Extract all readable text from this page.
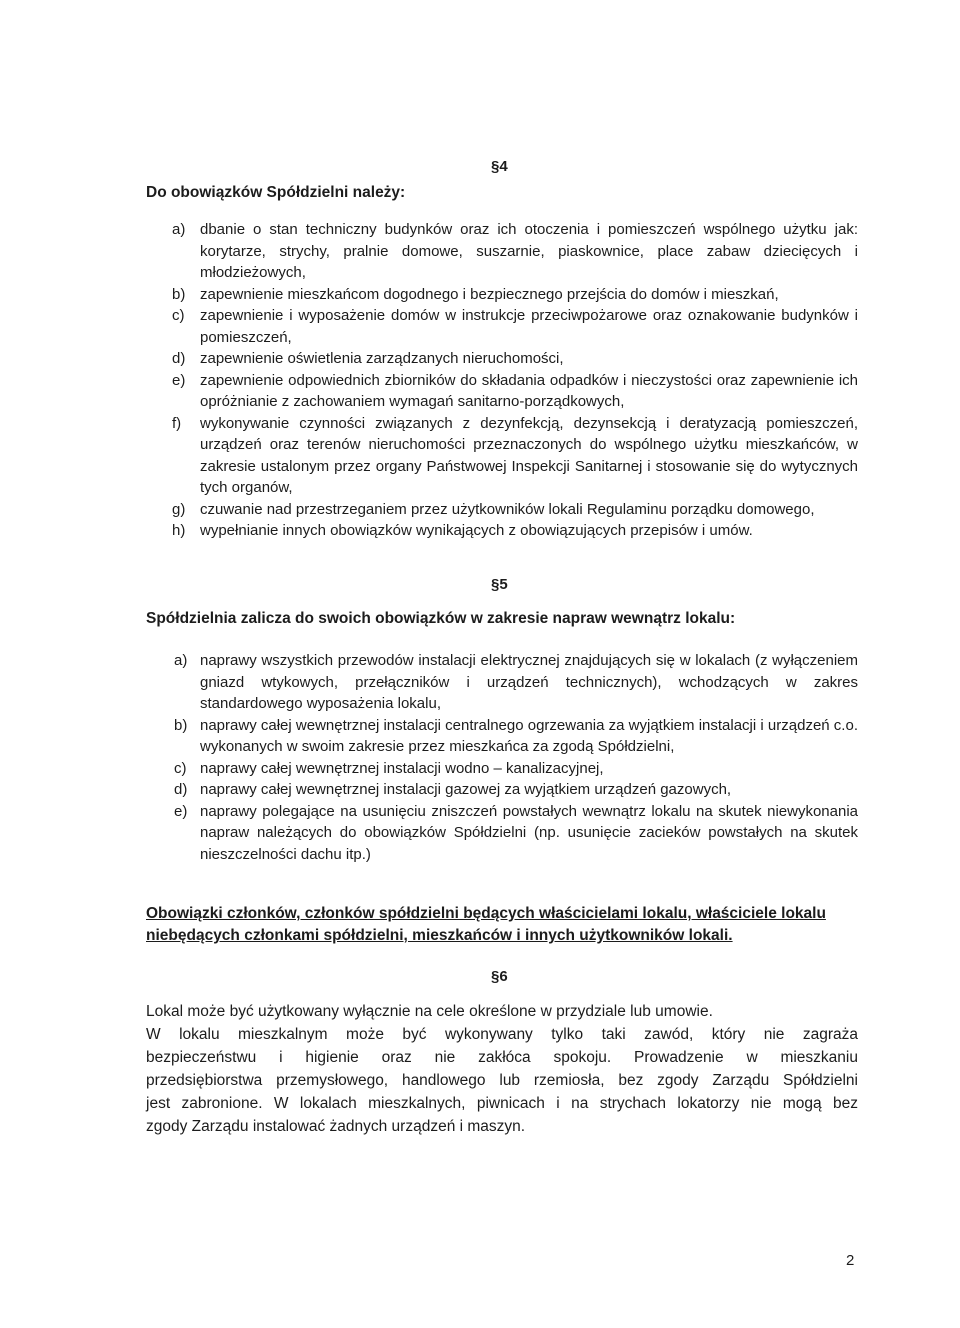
§4
Do obowiązków Spółdzielni należy:
a) dbanie o stan techniczny budynków oraz ich otoczenia i pomieszczeń wspólnego użytku jak: korytarze, strychy, pralnie domowe, suszarnie, piaskownice, place zabaw dziecięcych i młodzieżowych,
b) zapewnienie mieszkańcom dogodnego i bezpiecznego przejścia do domów i mieszkań,
c) zapewnienie i wyposażenie domów w instrukcje przeciwpożarowe oraz oznakowanie budynków i pomieszczeń,
d) zapewnienie oświetlenia zarządzanych nieruchomości,
e) zapewnienie odpowiednich zbiorników do składania odpadków i nieczystości oraz zapewnienie ich opróżnianie z zachowaniem wymagań sanitarno-porządkowych,
f) wykonywanie czynności związanych z dezynfekcją, dezynsekcją i deratyzacją pomieszczeń, urządzeń oraz terenów nieruchomości przeznaczonych do wspólnego użytku mieszkańców, w zakresie ustalonym przez organy Państwowej Inspekcji Sanitarnej i stosowanie się do wytycznych tych organów,
g) czuwanie nad przestrzeganiem przez użytkowników lokali Regulaminu porządku domowego,
h) wypełnianie innych obowiązków wynikających z obowiązujących przepisów i umów.
§5
Spółdzielnia zalicza do swoich obowiązków w zakresie napraw wewnątrz lokalu:
a) naprawy wszystkich przewodów instalacji elektrycznej znajdujących się w lokalach (z wyłączeniem gniazd wtykowych, przełączników i urządzeń technicznych), wchodzących w zakres standardowego wyposażenia lokalu,
b) naprawy całej wewnętrznej instalacji centralnego ogrzewania za wyjątkiem instalacji i urządzeń c.o. wykonanych w swoim zakresie przez mieszkańca za zgodą Spółdzielni,
c) naprawy całej wewnętrznej instalacji wodno – kanalizacyjnej,
d) naprawy całej wewnętrznej instalacji gazowej za wyjątkiem urządzeń gazowych,
e) naprawy polegające na usunięciu zniszczeń powstałych wewnątrz lokalu na skutek niewykonania napraw należących do obowiązków Spółdzielni (np. usunięcie zacieków powstałych na skutek nieszczelności dachu itp.)
Obowiązki członków, członków spółdzielni będących właścicielami lokalu, właściciele lokalu niebędących członkami spółdzielni, mieszkańców i innych użytkowników lokali.
§6
Lokal może być użytkowany wyłącznie na cele określone w przydziale lub umowie.
W lokalu mieszkalnym może być wykonywany tylko taki zawód, który nie zagraża
bezpieczeństwu i higienie oraz nie zakłóca spokoju. Prowadzenie w mieszkaniu
przedsiębiorstwa przemysłowego, handlowego lub rzemiosła, bez zgody Zarządu Spółdzielni
jest zabronione. W lokalach mieszkalnych, piwnicach i na strychach lokatorzy nie mogą bez
zgody Zarządu instalować żadnych urządzeń i maszyn.
2
